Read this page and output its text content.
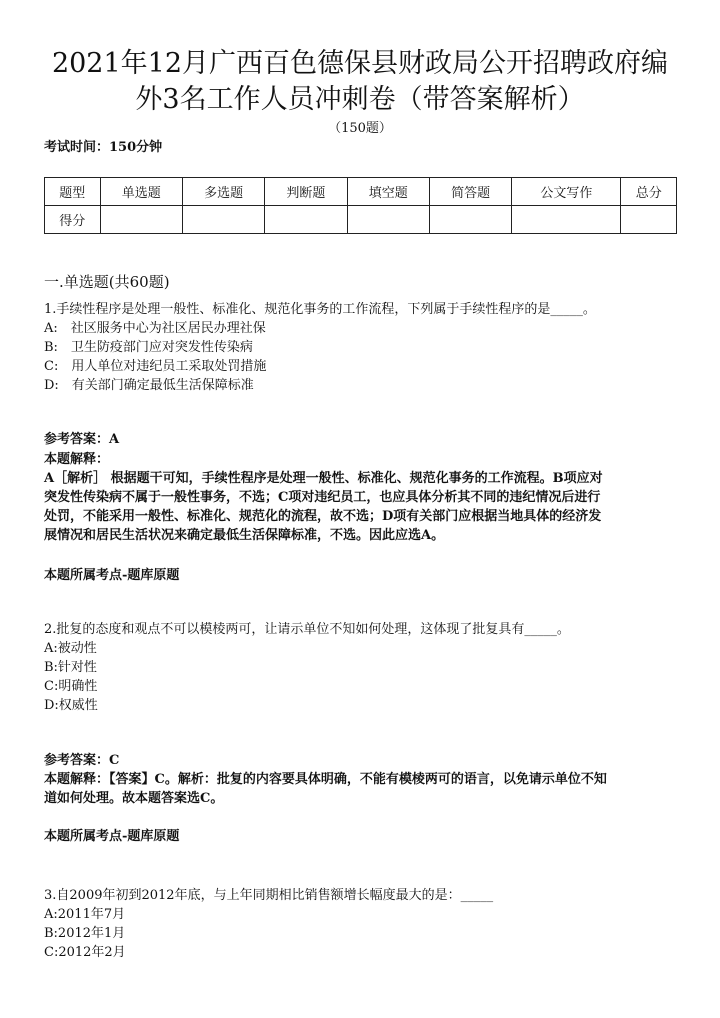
2021年12月广西百色德保县财政局公开招聘政府编
外3名工作人员冲刺卷（带答案解析）
（150题）
考试时间：150分钟
题型	单选题	多选题	判断题	填空题	简答题	公文写作	总分
得分							
一.单选题(共60题)
1.手续性程序是处理一般性、标准化、规范化事务的工作流程，下列属于手续性程序的是_____。
A:　社区服务中心为社区居民办理社保
B:　卫生防疫部门应对突发性传染病
C:　用人单位对违纪员工采取处罚措施
D:　有关部门确定最低生活保障标准
参考答案：A
本题解释：
A［解析］ 根据题干可知，手续性程序是处理一般性、标准化、规范化事务的工作流程。B项应对
突发性传染病不属于一般性事务，不选；C项对违纪员工，也应具体分析其不同的违纪情况后进行
处罚，不能采用一般性、标准化、规范化的流程，故不选；D项有关部门应根据当地具体的经济发
展情况和居民生活状况来确定最低生活保障标准，不选。因此应选A。
本题所属考点-题库原题
2.批复的态度和观点不可以模棱两可，让请示单位不知如何处理，这体现了批复具有_____。
A:被动性
B:针对性
C:明确性
D:权威性
参考答案：C
本题解释：【答案】C。解析：批复的内容要具体明确，不能有模棱两可的语言，以免请示单位不知
道如何处理。故本题答案选C。
本题所属考点-题库原题
3.自2009年初到2012年底，与上年同期相比销售额增长幅度最大的是：_____
A:2011年7月
B:2012年1月
C:2012年2月
